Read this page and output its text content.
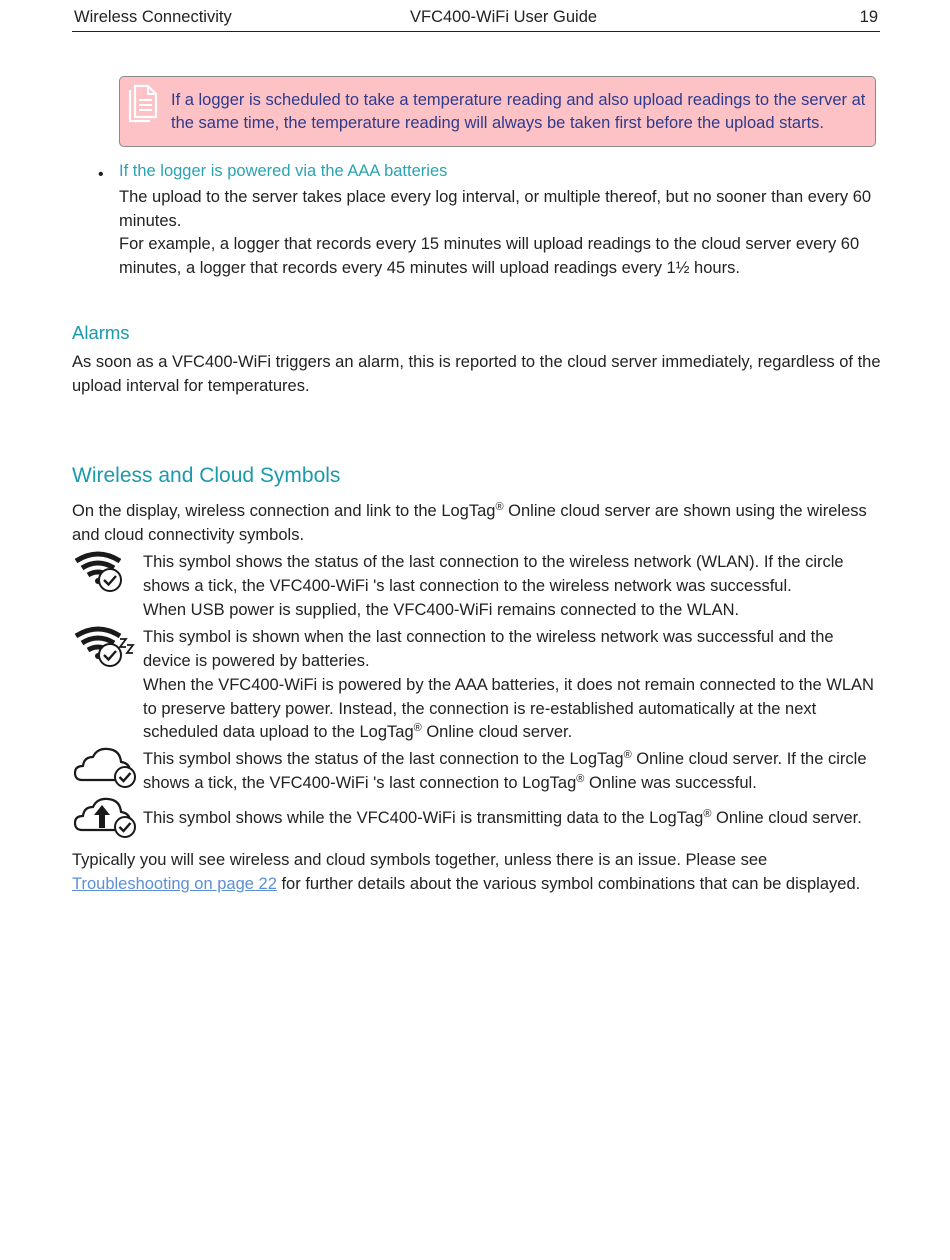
Wireless Connectivity	VFC400-WiFi User Guide	19
If a logger is scheduled to take a temperature reading and also upload readings to the server at
the same time, the temperature reading will always be taken first before the upload starts.
• If the logger is powered via the AAA batteries
The upload to the server takes place every log interval, or multiple thereof, but no sooner than every 60
minutes.
For example, a logger that records every 15 minutes will upload readings to the cloud server every 60
minutes, a logger that records every 45 minutes will upload readings every 1½ hours.
Alarms
As soon as a VFC400-WiFi triggers an alarm, this is reported to the cloud server immediately, regardless of the
upload interval for temperatures.
Wireless and Cloud Symbols
On the display, wireless connection and link to the LogTag® Online cloud server are shown using the wireless
and cloud connectivity symbols.
This symbol shows the status of the last connection to the wireless network (WLAN). If the circle
shows a tick, the VFC400-WiFi 's last connection to the wireless network was successful.
When USB power is supplied, the VFC400-WiFi remains connected to the WLAN.
This symbol is shown when the last connection to the wireless network was successful and the
device is powered by batteries.
When the VFC400-WiFi is powered by the AAA batteries, it does not remain connected to the WLAN
to preserve battery power. Instead, the connection is re-established automatically at the next
scheduled data upload to the LogTag® Online cloud server.
This symbol shows the status of the last connection to the LogTag® Online cloud server. If the circle
shows a tick, the VFC400-WiFi 's last connection to LogTag® Online was successful.
This symbol shows while the VFC400-WiFi is transmitting data to the LogTag® Online cloud server.
Typically you will see wireless and cloud symbols together, unless there is an issue. Please see
Troubleshooting on page 22 for further details about the various symbol combinations that can be displayed.
